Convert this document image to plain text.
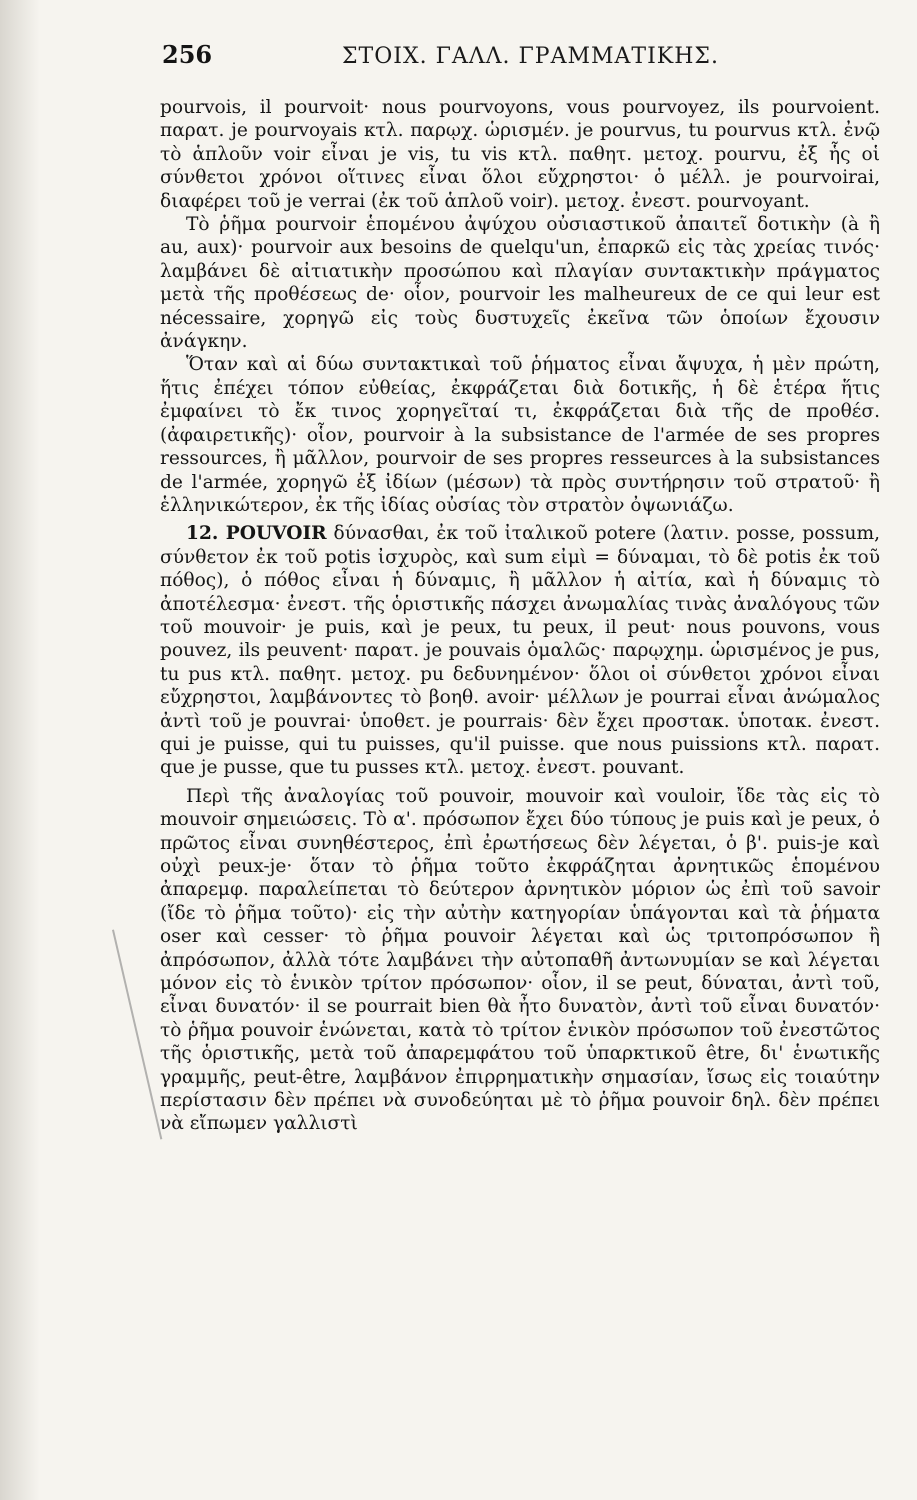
256	ΣΤΟΙΧ. ΓΑΛΛ. ΓΡΑΜΜΑΤΙΚΗΣ.

pourvois, il pourvoit· nous pourvoyons, vous pourvoyez, ils pourvoient. παρατ. je pourvoyais κτλ. παρῳχ. ὡρισμέν. je pourvus, tu pourvus κτλ. ἐνῷ τὸ ἁπλοῦν voir εἶναι je vis, tu vis κτλ. παθητ. μετοχ. pourvu, ἐξ ἧς οἱ σύνθετοι χρόνοι οἵτινες εἶναι ὅλοι εὔχρηστοι· ὁ μέλλ. je pourvoirai, διαφέρει τοῦ je verrai (ἐκ τοῦ ἁπλοῦ voir). μετοχ. ἐνεστ. pourvoyant.

Τὸ ῥῆμα pourvoir ἑπομένου ἀψύχου οὐσιαστικοῦ ἀπαιτεῖ δοτικὴν (à ἢ au, aux)· pourvoir aux besoins de quelqu'un, ἐπαρκῶ εἰς τὰς χρείας τινός· λαμβάνει δὲ αἰτιατικὴν προσώπου καὶ πλαγίαν συντακτικὴν πράγματος μετὰ τῆς προθέσεως de· οἷον, pourvoir les malheureux de ce qui leur est nécessaire, χορηγῶ εἰς τοὺς δυστυχεῖς ἐκεῖνα τῶν ὁποίων ἔχουσιν ἀνάγκην.

Ὅταν καὶ αἱ δύω συντακτικαὶ τοῦ ῥήματος εἶναι ἄψυχα, ἡ μὲν πρώτη, ἥτις ἐπέχει τόπον εὐθείας, ἐκφράζεται διὰ δοτικῆς, ἡ δὲ ἑτέρα ἥτις ἐμφαίνει τὸ ἔκ τινος χορηγεῖταί τι, ἐκφράζεται διὰ τῆς de προθέσ. (ἀφαιρετικῆς)· οἷον, pourvoir à la subsistance de l'armée de ses propres ressources, ἢ μᾶλλον, pourvoir de ses propres resseurces à la subsistances de l'armée, χορηγῶ ἐξ ἰδίων (μέσων) τὰ πρὸς συντήρησιν τοῦ στρατοῦ· ἢ ἑλληνικώτερον, ἐκ τῆς ἰδίας οὐσίας τὸν στρατὸν ὀψωνιάζω.

12. POUVOIR δύνασθαι, ἐκ τοῦ ἰταλικοῦ potere (λατιν. posse, possum, σύνθετον ἐκ τοῦ potis ἰσχυρὸς, καὶ sum εἰμὶ = δύναμαι, τὸ δὲ potis ἐκ τοῦ πόθος), ὁ πόθος εἶναι ἡ δύναμις, ἢ μᾶλλον ἡ αἰτία, καὶ ἡ δύναμις τὸ ἀποτέλεσμα· ἐνεστ. τῆς ὁριστικῆς πάσχει ἀνωμαλίας τινὰς ἀναλόγους τῶν τοῦ mouvoir· je puis, καὶ je peux, tu peux, il peut· nous pouvons, vous pouvez, ils peuvent· παρατ. je pouvais ὁμαλῶς· παρῳχημ. ὡρισμένος je pus, tu pus κτλ. παθητ. μετοχ. pu δεδυνημένον· ὅλοι οἱ σύνθετοι χρόνοι εἶναι εὔχρηστοι, λαμβάνοντες τὸ βοηθ. avoir· μέλλων je pourrai εἶναι ἀνώμαλος ἀντὶ τοῦ je pouvrai· ὑποθετ. je pourrais· δὲν ἔχει προστακ. ὑποτακ. ἐνεστ. qui je puisse, qui tu puisses, qu'il puisse. que nous puissions κτλ. παρατ. que je pusse, que tu pusses κτλ. μετοχ. ἐνεστ. pouvant.

Περὶ τῆς ἀναλογίας τοῦ pouvoir, mouvoir καὶ vouloir, ἴδε τὰς εἰς τὸ mouvoir σημειώσεις. Τὸ α'. πρόσωπον ἔχει δύο τύπους je puis καὶ je peux, ὁ πρῶτος εἶναι συνηθέστερος, ἐπὶ ἐρωτήσεως δὲν λέγεται, ὁ β'. puis-je καὶ οὐχὶ peux-je· ὅταν τὸ ῥῆμα τοῦτο ἐκφράζηται ἀρνητικῶς ἑπομένου ἀπαρεμφ. παραλείπεται τὸ δεύτερον ἀρνητικὸν μόριον ὡς ἐπὶ τοῦ savoir (ἴδε τὸ ῥῆμα τοῦτο)· εἰς τὴν αὐτὴν κατηγορίαν ὑπάγονται καὶ τὰ ῥήματα oser καὶ cesser· τὸ ῥῆμα pouvoir λέγεται καὶ ὡς τριτοπρόσωπον ἢ ἀπρόσωπον, ἀλλὰ τότε λαμβάνει τὴν αὐτοπαθῆ ἀντωνυμίαν se καὶ λέγεται μόνον εἰς τὸ ἑνικὸν τρίτον πρόσωπον· οἷον, il se peut, δύναται, ἀντὶ τοῦ, εἶναι δυνατόν· il se pourrait bien θὰ ἦτο δυνατὸν, ἀντὶ τοῦ εἶναι δυνατόν· τὸ ῥῆμα pouvoir ἑνώνεται, κατὰ τὸ τρίτον ἑνικὸν πρόσωπον τοῦ ἐνεστῶτος τῆς ὁριστικῆς, μετὰ τοῦ ἀπαρεμφάτου τοῦ ὑπαρκτικοῦ être, δι' ἑνωτικῆς γραμμῆς, peut-être, λαμβάνον ἐπιρρηματικὴν σημασίαν, ἴσως εἰς τοιαύτην περίστασιν δὲν πρέπει νὰ συνοδεύηται μὲ τὸ ῥῆμα pouvoir δηλ. δὲν πρέπει νὰ εἴπωμεν γαλλιστὶ
